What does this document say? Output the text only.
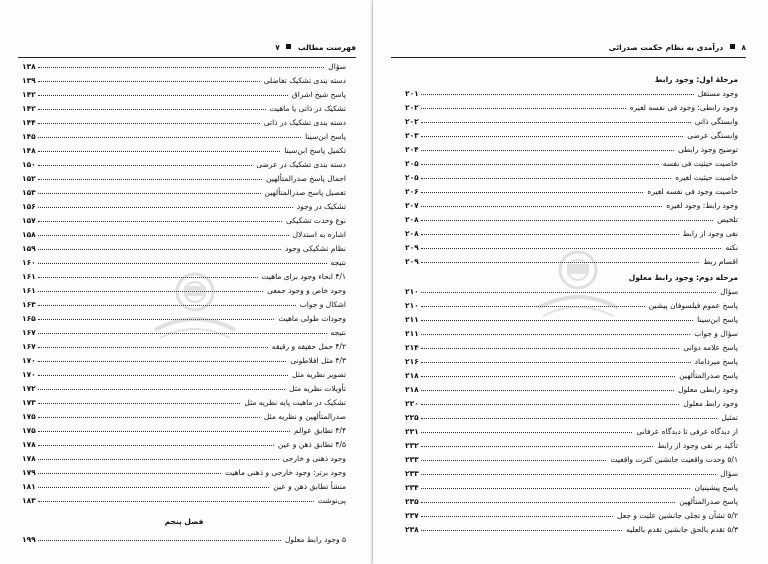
فهرست مطالب  ۷
سؤال
۱۳۸
دسته بندی تشکیک تفاضلی
۱۳۹
پاسخ شیخ اشراق
۱۴۲
تشکیک در ذاتی یا ماهیت
۱۴۲
دسته بندی تشکیک در ذاتی
۱۴۴
پاسخ ابن‌سینا
۱۴۵
تکمیل پاسخ ابن‌سینا
۱۴۸
دسته بندی تشکیک در عرضی
۱۵۰
اجمال پاسخ صدرالمتألهین
۱۵۲
تفصیل پاسخ صدرالمتألهین
۱۵۳
تشکیک در وجود
۱۵۶
نوع وحدت تشکیکی
۱۵۷
اشاره به استدلال
۱۵۸
نظام تشکیکی وجود
۱۵۹
نتیجه
۱۶۰
۴/۱ انحاء وجود برای ماهیت
۱۶۱
وجود خاص و وجود جمعی
۱۶۱
اشکال و جواب
۱۶۳
وجودات طولی ماهیت
۱۶۵
نتیجه
۱۶۷
۴/۲ حمل حقیقه و رقیقه
۱۶۷
۴/۳ مثل افلاطونی
۱۷۰
تصویر نظریه مثل
۱۷۰
تأویلات نظریه مثل
۱۷۲
تشکیک در ماهیت پایه نظریه مثل
۱۷۳
صدرالمتألهین و نظریه مثل
۱۷۵
۴/۴ تطابق عوالم
۱۷۵
۴/۵ تطابق ذهن و عین
۱۷۸
وجود ذهنی و خارجی
۱۷۸
وجود برتر: وجود خارجی و ذهنی ماهیت
۱۷۹
منشأ تطابق ذهن و عین
۱۸۱
پی‌نوشت
۱۸۳
فصل پنجم
۵ وجود رابط معلول
۱۹۹
۸  درآمدی به نظام حکمت صدرائی
مرحلهٔ اول: وجود رابط
وجود مستقل
۲۰۱
وجود رابطی: وجود فی نفسه لغیره
۲۰۲
وابستگی ذاتی
۲۰۲
وابستگی عرضی
۲۰۳
توضیح وجود رابطی
۲۰۴
خاصیت حیثیت فی نفسه
۲۰۵
خاصیت حیثیت لغیره
۲۰۵
خاصیت وجود فی نفسه لغیره
۲۰۶
وجود رابط: وجود لغیره
۲۰۷
تلخیص
۲۰۸
نفی وجود از رابط
۲۰۸
نکته
۲۰۹
اقسام ربط
۲۰۹
مرحله دوم: وجود رابط معلول
سؤال
۲۱۰
پاسخ عموم فیلسوفان پیشین
۲۱۰
پاسخ ابن‌سینا
۲۱۱
سؤال و جواب
۲۱۱
پاسخ علامه دوانی
۲۱۴
پاسخ میرداماد
۲۱۶
پاسخ صدرالمتألهین
۲۱۸
وجود رابطی معلول
۲۱۸
وجود رابط معلول
۲۲۰
تمثیل
۲۲۵
از دیدگاه عرفی تا دیدگاه عرفانی
۲۳۱
تأکید بر نفی وجود از رابط
۲۳۲
۵/۱ وحدت واقعیت جانشین کثرت واقعیت
۲۳۳
سؤال
۲۳۳
پاسخ پیشینیان
۲۳۴
پاسخ صدرالمتألهین
۲۳۵
۵/۲ تشأن و تجلی جانشین علیت و جعل
۲۳۷
۵/۳ تقدم بالحق جانشین تقدم بالعلیه
۲۳۸
